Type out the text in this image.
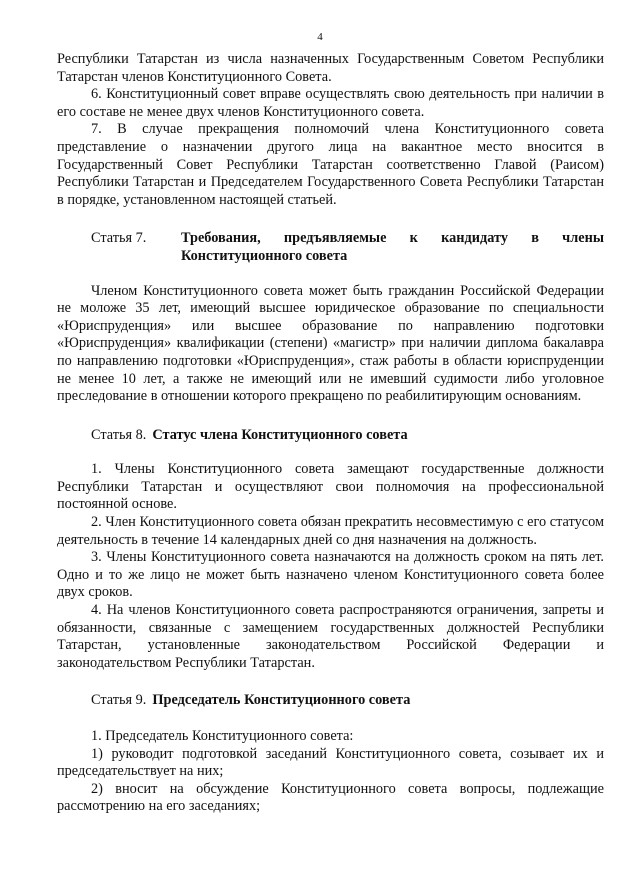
4

Республики Татарстан из числа назначенных Государственным Советом Республики Татарстан членов Конституционного Совета.

6. Конституционный совет вправе осуществлять свою деятельность при наличии в его составе не менее двух членов Конституционного совета.

7. В случае прекращения полномочий члена Конституционного совета представление о назначении другого лица на вакантное место вносится в Государственный Совет Республики Татарстан соответственно Главой (Раисом) Республики Татарстан и Председателем Государственного Совета Республики Татарстан в порядке, установленном настоящей статьей.

Статья 7.	Требования, предъявляемые к кандидату в члены
Конституционного совета

Членом Конституционного совета может быть гражданин Российской Федерации не моложе 35 лет, имеющий высшее юридическое образование по специальности «Юриспруденция» или высшее образование по направлению подготовки «Юриспруденция» квалификации (степени) «магистр» при наличии диплома бакалавра по направлению подготовки «Юриспруденция», стаж работы в области юриспруденции не менее 10 лет, а также не имеющий или не имевший судимости либо уголовное преследование в отношении которого прекращено по реабилитирующим основаниям.

Статья 8. Статус члена Конституционного совета

1. Члены Конституционного совета замещают государственные должности Республики Татарстан и осуществляют свои полномочия на профессиональной постоянной основе.

2. Член Конституционного совета обязан прекратить несовместимую с его статусом деятельность в течение 14 календарных дней со дня назначения на должность.

3. Члены Конституционного совета назначаются на должность сроком на пять лет. Одно и то же лицо не может быть назначено членом Конституционного совета более двух сроков.

4. На членов Конституционного совета распространяются ограничения, запреты и обязанности, связанные с замещением государственных должностей Республики Татарстан, установленные законодательством Российской Федерации и законодательством Республики Татарстан.

Статья 9. Председатель Конституционного совета

1. Председатель Конституционного совета:

1) руководит подготовкой заседаний Конституционного совета, созывает их и председательствует на них;

2) вносит на обсуждение Конституционного совета вопросы, подлежащие рассмотрению на его заседаниях;
